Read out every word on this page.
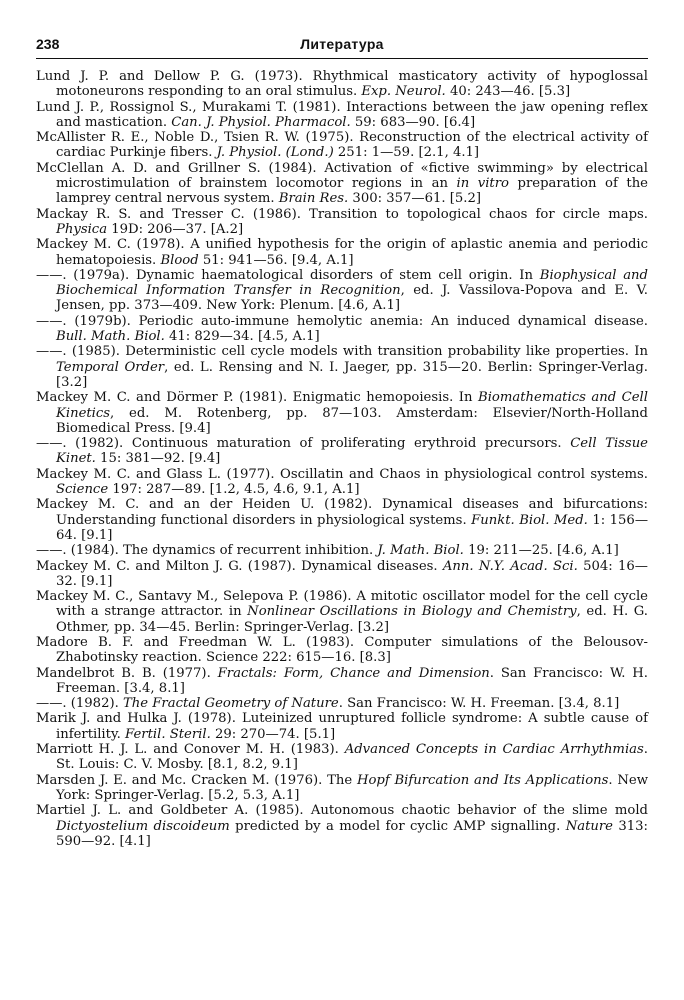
238	Литература
Lund J. P. and Dellow P. G. (1973). Rhythmical masticatory activity of hypoglossal motoneurons responding to an oral stimulus. Exp. Neurol. 40: 243—46. [5.3]
Lund J. P., Rossignol S., Murakami T. (1981). Interactions between the jaw opening reflex and mastication. Can. J. Physiol. Pharmacol. 59: 683—90. [6.4]
McAllister R. E., Noble D., Tsien R. W. (1975). Reconstruction of the electrical activity of cardiac Purkinje fibers. J. Physiol. (Lond.) 251: 1—59. [2.1, 4.1]
McClellan A. D. and Grillner S. (1984). Activation of «fictive swimming» by electrical microstimulation of brainstem locomotor regions in an in vitro preparation of the lamprey central nervous system. Brain Res. 300: 357—61. [5.2]
Mackay R. S. and Tresser C. (1986). Transition to topological chaos for circle maps. Physica 19D: 206—37. [A.2]
Mackey M. C. (1978). A unified hypothesis for the origin of aplastic anemia and periodic hematopoiesis. Blood 51: 941—56. [9.4, A.1]
——. (1979a). Dynamic haematological disorders of stem cell origin. In Biophysical and Biochemical Information Transfer in Recognition, ed. J. Vassilova-Popova and E. V. Jensen, pp. 373—409. New York: Plenum. [4.6, A.1]
——. (1979b). Periodic auto-immune hemolytic anemia: An induced dynamical disease. Bull. Math. Biol. 41: 829—34. [4.5, A.1]
——. (1985). Deterministic cell cycle models with transition probability like properties. In Temporal Order, ed. L. Rensing and N. I. Jaeger, pp. 315—20. Berlin: Springer-Verlag. [3.2]
Mackey M. C. and Dörmer P. (1981). Enigmatic hemopoiesis. In Biomathematics and Cell Kinetics, ed. M. Rotenberg, pp. 87—103. Amsterdam: Elsevier/North-Holland Biomedical Press. [9.4]
——. (1982). Continuous maturation of proliferating erythroid precursors. Cell Tissue Kinet. 15: 381—92. [9.4]
Mackey M. C. and Glass L. (1977). Oscillatin and Chaos in physiological control systems. Science 197: 287—89. [1.2, 4.5, 4.6, 9.1, A.1]
Mackey M. C. and an der Heiden U. (1982). Dynamical diseases and bifurcations: Understanding functional disorders in physiological systems. Funkt. Biol. Med. 1: 156—64. [9.1]
——. (1984). The dynamics of recurrent inhibition. J. Math. Biol. 19: 211—25. [4.6, A.1]
Mackey M. C. and Milton J. G. (1987). Dynamical diseases. Ann. N.Y. Acad. Sci. 504: 16—32. [9.1]
Mackey M. C., Santavy M., Selepova P. (1986). A mitotic oscillator model for the cell cycle with a strange attractor. in Nonlinear Oscillations in Biology and Chemistry, ed. H. G. Othmer, pp. 34—45. Berlin: Springer-Verlag. [3.2]
Madore B. F. and Freedman W. L. (1983). Computer simulations of the Belousov-Zhabotinsky reaction. Science 222: 615—16. [8.3]
Mandelbrot B. B. (1977). Fractals: Form, Chance and Dimension. San Francisco: W. H. Freeman. [3.4, 8.1]
——. (1982). The Fractal Geometry of Nature. San Francisco: W. H. Freeman. [3.4, 8.1]
Marik J. and Hulka J. (1978). Luteinized unruptured follicle syndrome: A subtle cause of infertility. Fertil. Steril. 29: 270—74. [5.1]
Marriott H. J. L. and Conover M. H. (1983). Advanced Concepts in Cardiac Arrhythmias. St. Louis: C. V. Mosby. [8.1, 8.2, 9.1]
Marsden J. E. and Mc. Cracken M. (1976). The Hopf Bifurcation and Its Applications. New York: Springer-Verlag. [5.2, 5.3, A.1]
Martiel J. L. and Goldbeter A. (1985). Autonomous chaotic behavior of the slime mold Dictyostelium discoideum predicted by a model for cyclic AMP signalling. Nature 313: 590—92. [4.1]
